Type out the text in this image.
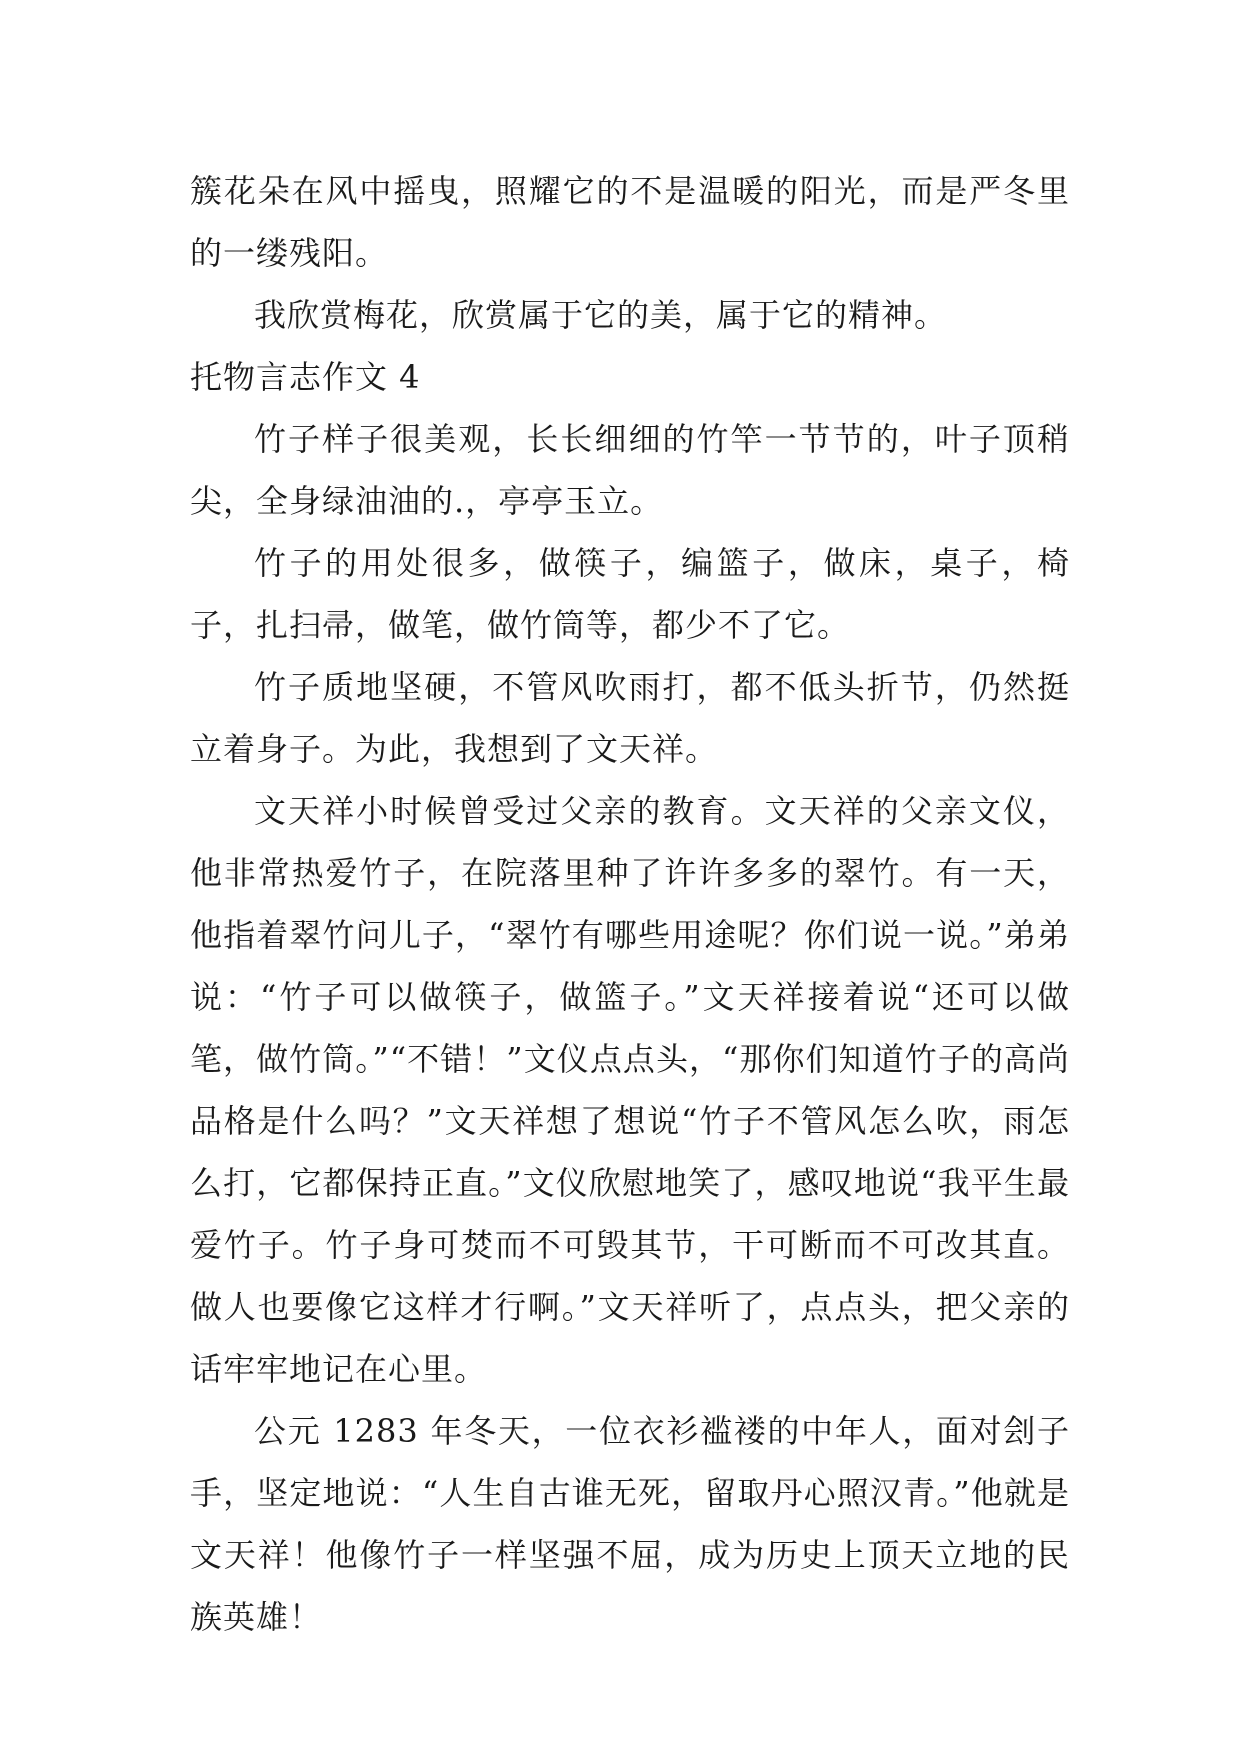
簇花朵在风中摇曳，照耀它的不是温暖的阳光，而是严冬里的一缕残阳。

我欣赏梅花，欣赏属于它的美，属于它的精神。

托物言志作文 4

竹子样子很美观，长长细细的竹竿一节节的，叶子顶稍尖，全身绿油油的.，亭亭玉立。

竹子的用处很多，做筷子，编篮子，做床，桌子，椅子，扎扫帚，做笔，做竹筒等，都少不了它。

竹子质地坚硬，不管风吹雨打，都不低头折节，仍然挺立着身子。为此，我想到了文天祥。

文天祥小时候曾受过父亲的教育。文天祥的父亲文仪，他非常热爱竹子，在院落里种了许许多多的翠竹。有一天，他指着翠竹问儿子，“翠竹有哪些用途呢？你们说一说。”弟弟说：“竹子可以做筷子，做篮子。”文天祥接着说“还可以做笔，做竹筒。”“不错！”文仪点点头，“那你们知道竹子的高尚品格是什么吗？”文天祥想了想说“竹子不管风怎么吹，雨怎么打，它都保持正直。”文仪欣慰地笑了，感叹地说“我平生最爱竹子。竹子身可焚而不可毁其节，干可断而不可改其直。做人也要像它这样才行啊。”文天祥听了，点点头，把父亲的话牢牢地记在心里。

公元 1283 年冬天，一位衣衫褴褛的中年人，面对刽子手，坚定地说：“人生自古谁无死，留取丹心照汉青。”他就是文天祥！他像竹子一样坚强不屈，成为历史上顶天立地的民族英雄！
